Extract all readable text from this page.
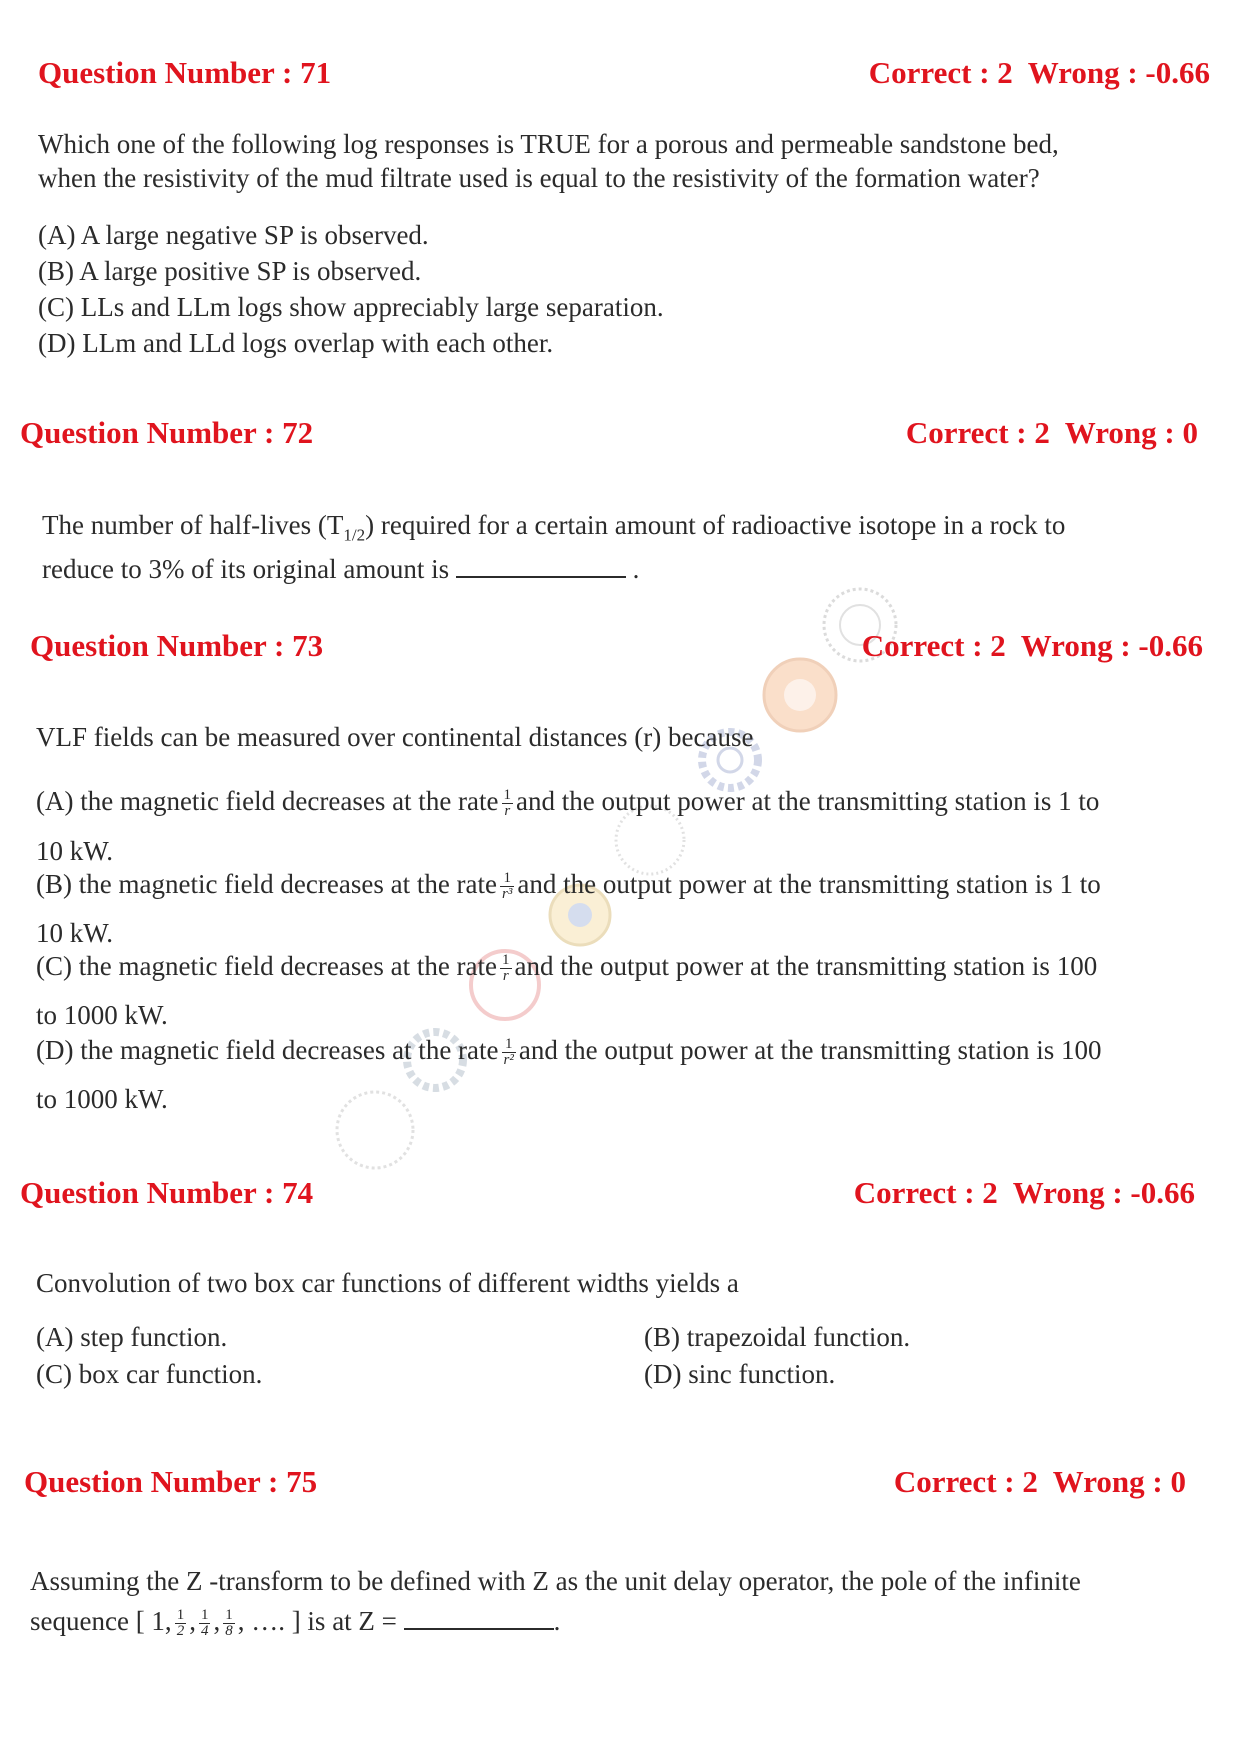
Question Number : 71	Correct : 2 Wrong : -0.66
Which one of the following log responses is TRUE for a porous and permeable sandstone bed,
when the resistivity of the mud filtrate used is equal to the resistivity of the formation water?
(A) A large negative SP is observed.
(B) A large positive SP is observed.
(C) LLs and LLm logs show appreciably large separation.
(D) LLm and LLd logs overlap with each other.
Question Number : 72	Correct : 2 Wrong : 0
The number of half-lives $(T_{1/2})$ required for a certain amount of radioactive isotope in a rock to
reduce to 3% of its original amount is	.
Question Number : 73	Correct : 2 Wrong : -0.66
VLF fields can be measured over continental distances (r) because
(A) the magnetic field decreases at the rate $\frac{1}{r}$ and the output power at the transmitting station is 1 to
10 kW.
(B) the magnetic field decreases at the rate $\frac{1}{\text{r³}}$ and the output power at the transmitting station is 1 to
10 kW.
(C) the magnetic field decreases at the rate $\frac{1}{r}$ and the output power at the transmitting station is 100
to 1000 kW.
(D) the magnetic field decreases at the rate $\frac{1}{\text{r²}}$ and the output power at the transmitting station is 100
to 1000 kW.
Question Number : 74	Correct : 2 Wrong : -0.66
Convolution of two box car functions of different widths yields a
(A) step function.	(B) trapezoidal function.
(C) box car function.	(D) sinc function.
Question Number : 75	Correct : 2 Wrong : 0
Assuming the Z -transform to be defined with Z as the unit delay operator, the pole of the infinite
sequence [ 1, $\frac{1}{2}$ , $\frac{1}{4}$ , $\frac{1}{8}$ , …. ] is at Z =	.
